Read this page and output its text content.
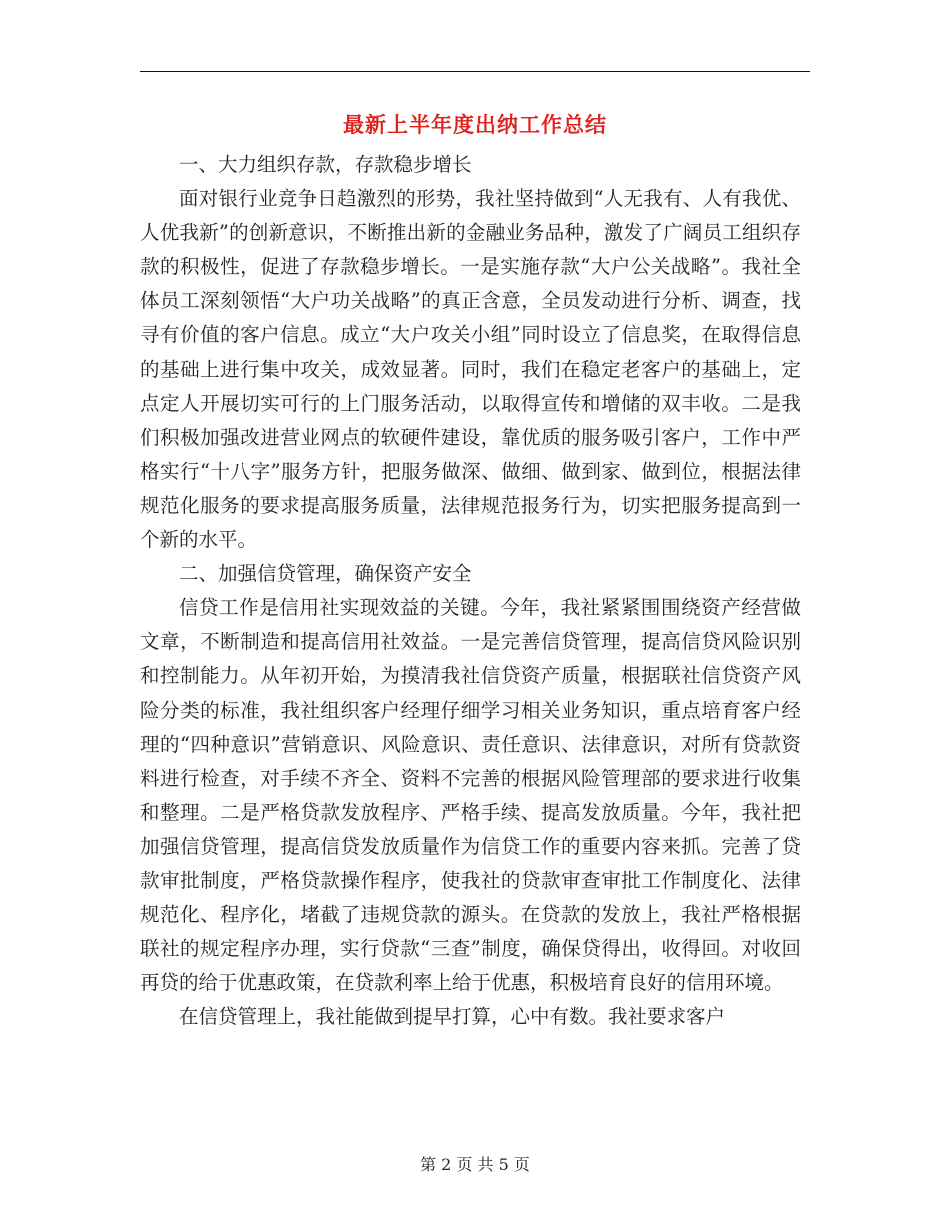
最新上半年度出纳工作总结

一、大力组织存款，存款稳步增长

面对银行业竞争日趋激烈的形势，我社坚持做到“人无我有、人有我优、人优我新”的创新意识，不断推出新的金融业务品种，激发了广阔员工组织存款的积极性，促进了存款稳步增长。一是实施存款“大户公关战略”。我社全体员工深刻领悟“大户功关战略”的真正含意，全员发动进行分析、调查，找寻有价值的客户信息。成立“大户攻关小组”同时设立了信息奖，在取得信息的基础上进行集中攻关，成效显著。同时，我们在稳定老客户的基础上，定点定人开展切实可行的上门服务活动，以取得宣传和增储的双丰收。二是我们积极加强改进营业网点的软硬件建设，靠优质的服务吸引客户，工作中严格实行“十八字”服务方针，把服务做深、做细、做到家、做到位，根据法律规范化服务的要求提高服务质量，法律规范报务行为，切实把服务提高到一个新的水平。

二、加强信贷管理，确保资产安全

信贷工作是信用社实现效益的关键。今年，我社紧紧围围绕资产经营做文章，不断制造和提高信用社效益。一是完善信贷管理，提高信贷风险识别和控制能力。从年初开始，为摸清我社信贷资产质量，根据联社信贷资产风险分类的标准，我社组织客户经理仔细学习相关业务知识，重点培育客户经理的“四种意识”营销意识、风险意识、责任意识、法律意识，对所有贷款资料进行检查，对手续不齐全、资料不完善的根据风险管理部的要求进行收集和整理。二是严格贷款发放程序、严格手续、提高发放质量。今年，我社把加强信贷管理，提高信贷发放质量作为信贷工作的重要内容来抓。完善了贷款审批制度，严格贷款操作程序，使我社的贷款审查审批工作制度化、法律规范化、程序化，堵截了违规贷款的源头。在贷款的发放上，我社严格根据联社的规定程序办理，实行贷款“三查”制度，确保贷得出，收得回。对收回再贷的给于优惠政策，在贷款利率上给于优惠，积极培育良好的信用环境。

在信贷管理上，我社能做到提早打算，心中有数。我社要求客户

第 2 页 共 5 页
